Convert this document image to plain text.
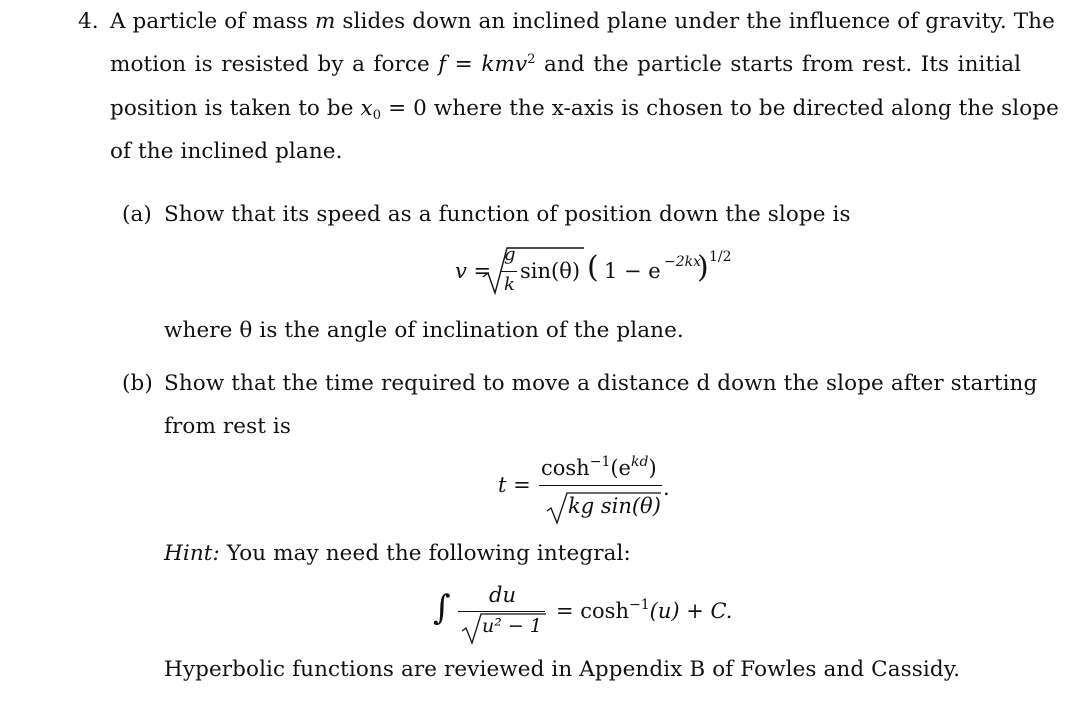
4. A particle of mass m slides down an inclined plane under the influence of gravity. The
motion is resisted by a force f = kmv$^2$ and the particle starts from rest. Its initial
position is taken to be $x_0 = 0$ where the x-axis is chosen to be directed along the slope
of the inclined plane.
(a) Show that its speed as a function of position down the slope is
v =
g
k
sin(θ) ( 1 − e −2kx
) 1/2
where θ is the angle of inclination of the plane.
(b) Show that the time required to move a distance d down the slope after starting
from rest is
t =
$\cosh^{-1}(e^{kd})$
kg sin(θ)
.
Hint: You may need the following integral:
∫ du
u² − 1
= $\cosh^{-1}(u) + C$.
Hyperbolic functions are reviewed in Appendix B of Fowles and Cassidy.
